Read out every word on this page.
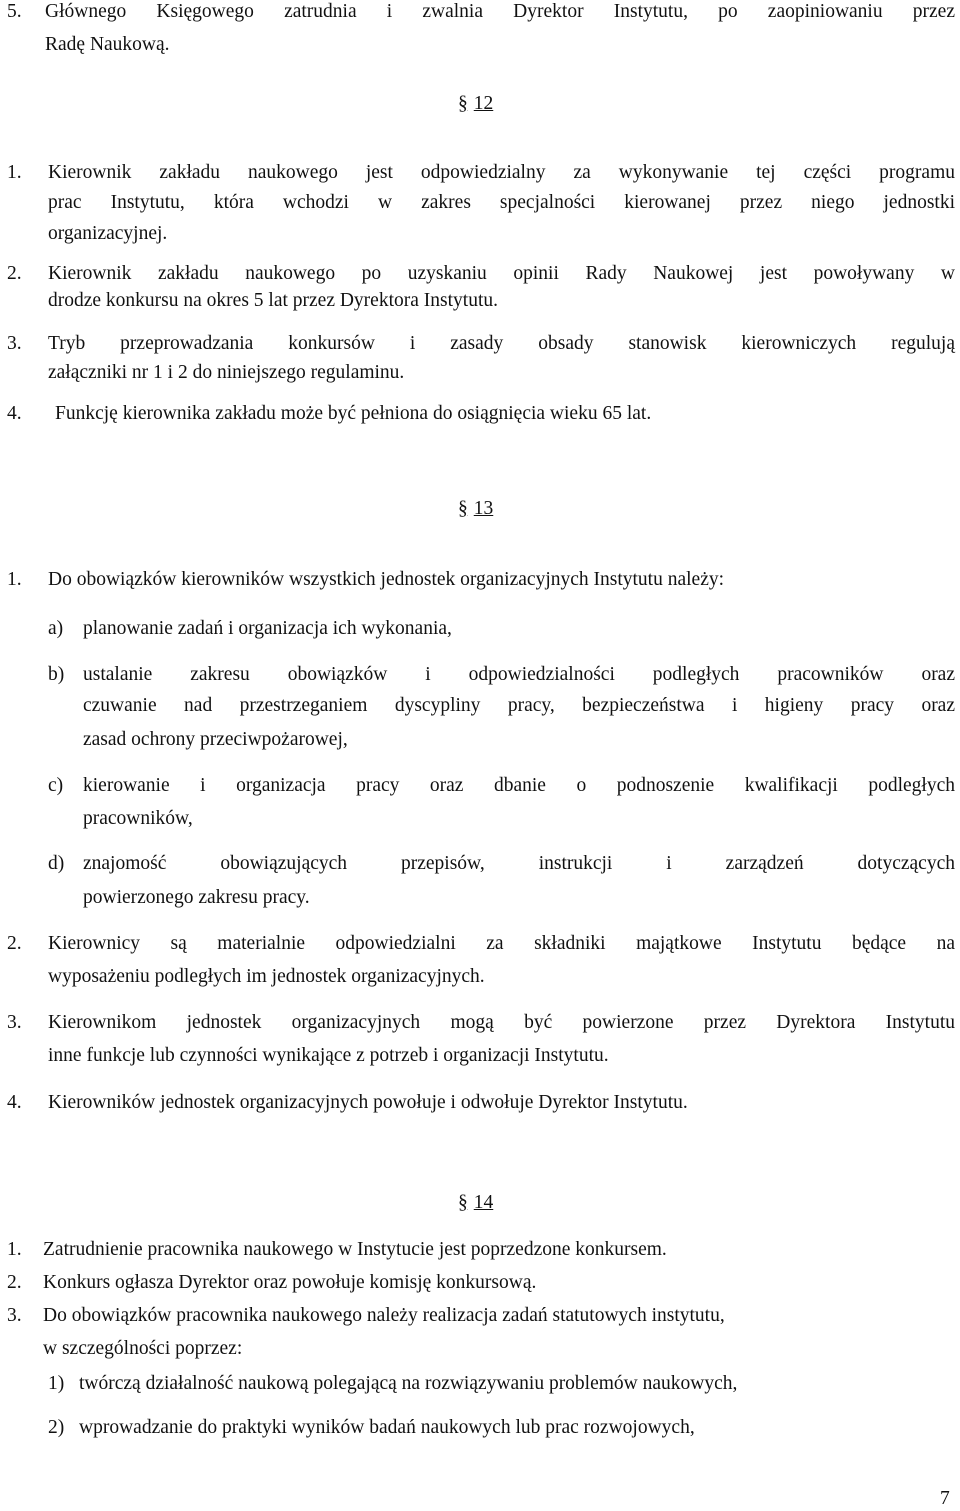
5. Głównego Księgowego zatrudnia i zwalnia Dyrektor Instytutu, po zaopiniowaniu przez
Radę Naukową.
§ 12
1. Kierownik zakładu naukowego jest odpowiedzialny za wykonywanie tej części programu
prac Instytutu, która wchodzi w zakres specjalności kierowanej przez niego jednostki
organizacyjnej.
2. Kierownik zakładu naukowego po uzyskaniu opinii Rady Naukowej jest powoływany w
drodze konkursu na okres 5 lat przez Dyrektora Instytutu.
3. Tryb przeprowadzania konkursów i zasady obsady stanowisk kierowniczych regulują
załączniki nr 1 i 2 do niniejszego regulaminu.
4. Funkcję kierownika zakładu może być pełniona do osiągnięcia wieku 65 lat.
§ 13
1. Do obowiązków kierowników wszystkich jednostek organizacyjnych Instytutu należy:
a) planowanie zadań i organizacja ich wykonania,
b) ustalanie zakresu obowiązków i odpowiedzialności podległych pracowników oraz
czuwanie nad przestrzeganiem dyscypliny pracy, bezpieczeństwa i higieny pracy oraz
zasad ochrony przeciwpożarowej,
c) kierowanie i organizacja pracy oraz dbanie o podnoszenie kwalifikacji podległych
pracowników,
d) znajomość obowiązujących przepisów, instrukcji i zarządzeń dotyczących
powierzonego zakresu pracy.
2. Kierownicy są materialnie odpowiedzialni za składniki majątkowe Instytutu będące na
wyposażeniu podległych im jednostek organizacyjnych.
3. Kierownikom jednostek organizacyjnych mogą być powierzone przez Dyrektora Instytutu
inne funkcje lub czynności wynikające z potrzeb i organizacji Instytutu.
4. Kierowników jednostek organizacyjnych powołuje i odwołuje Dyrektor Instytutu.
§ 14
1. Zatrudnienie pracownika naukowego w Instytucie jest poprzedzone konkursem.
2. Konkurs ogłasza Dyrektor oraz powołuje komisję konkursową.
3. Do obowiązków pracownika naukowego należy realizacja zadań statutowych instytutu,
w szczególności poprzez:
1) twórczą działalność naukową polegającą na rozwiązywaniu problemów naukowych,
2) wprowadzanie do praktyki wyników badań naukowych lub prac rozwojowych,
7
